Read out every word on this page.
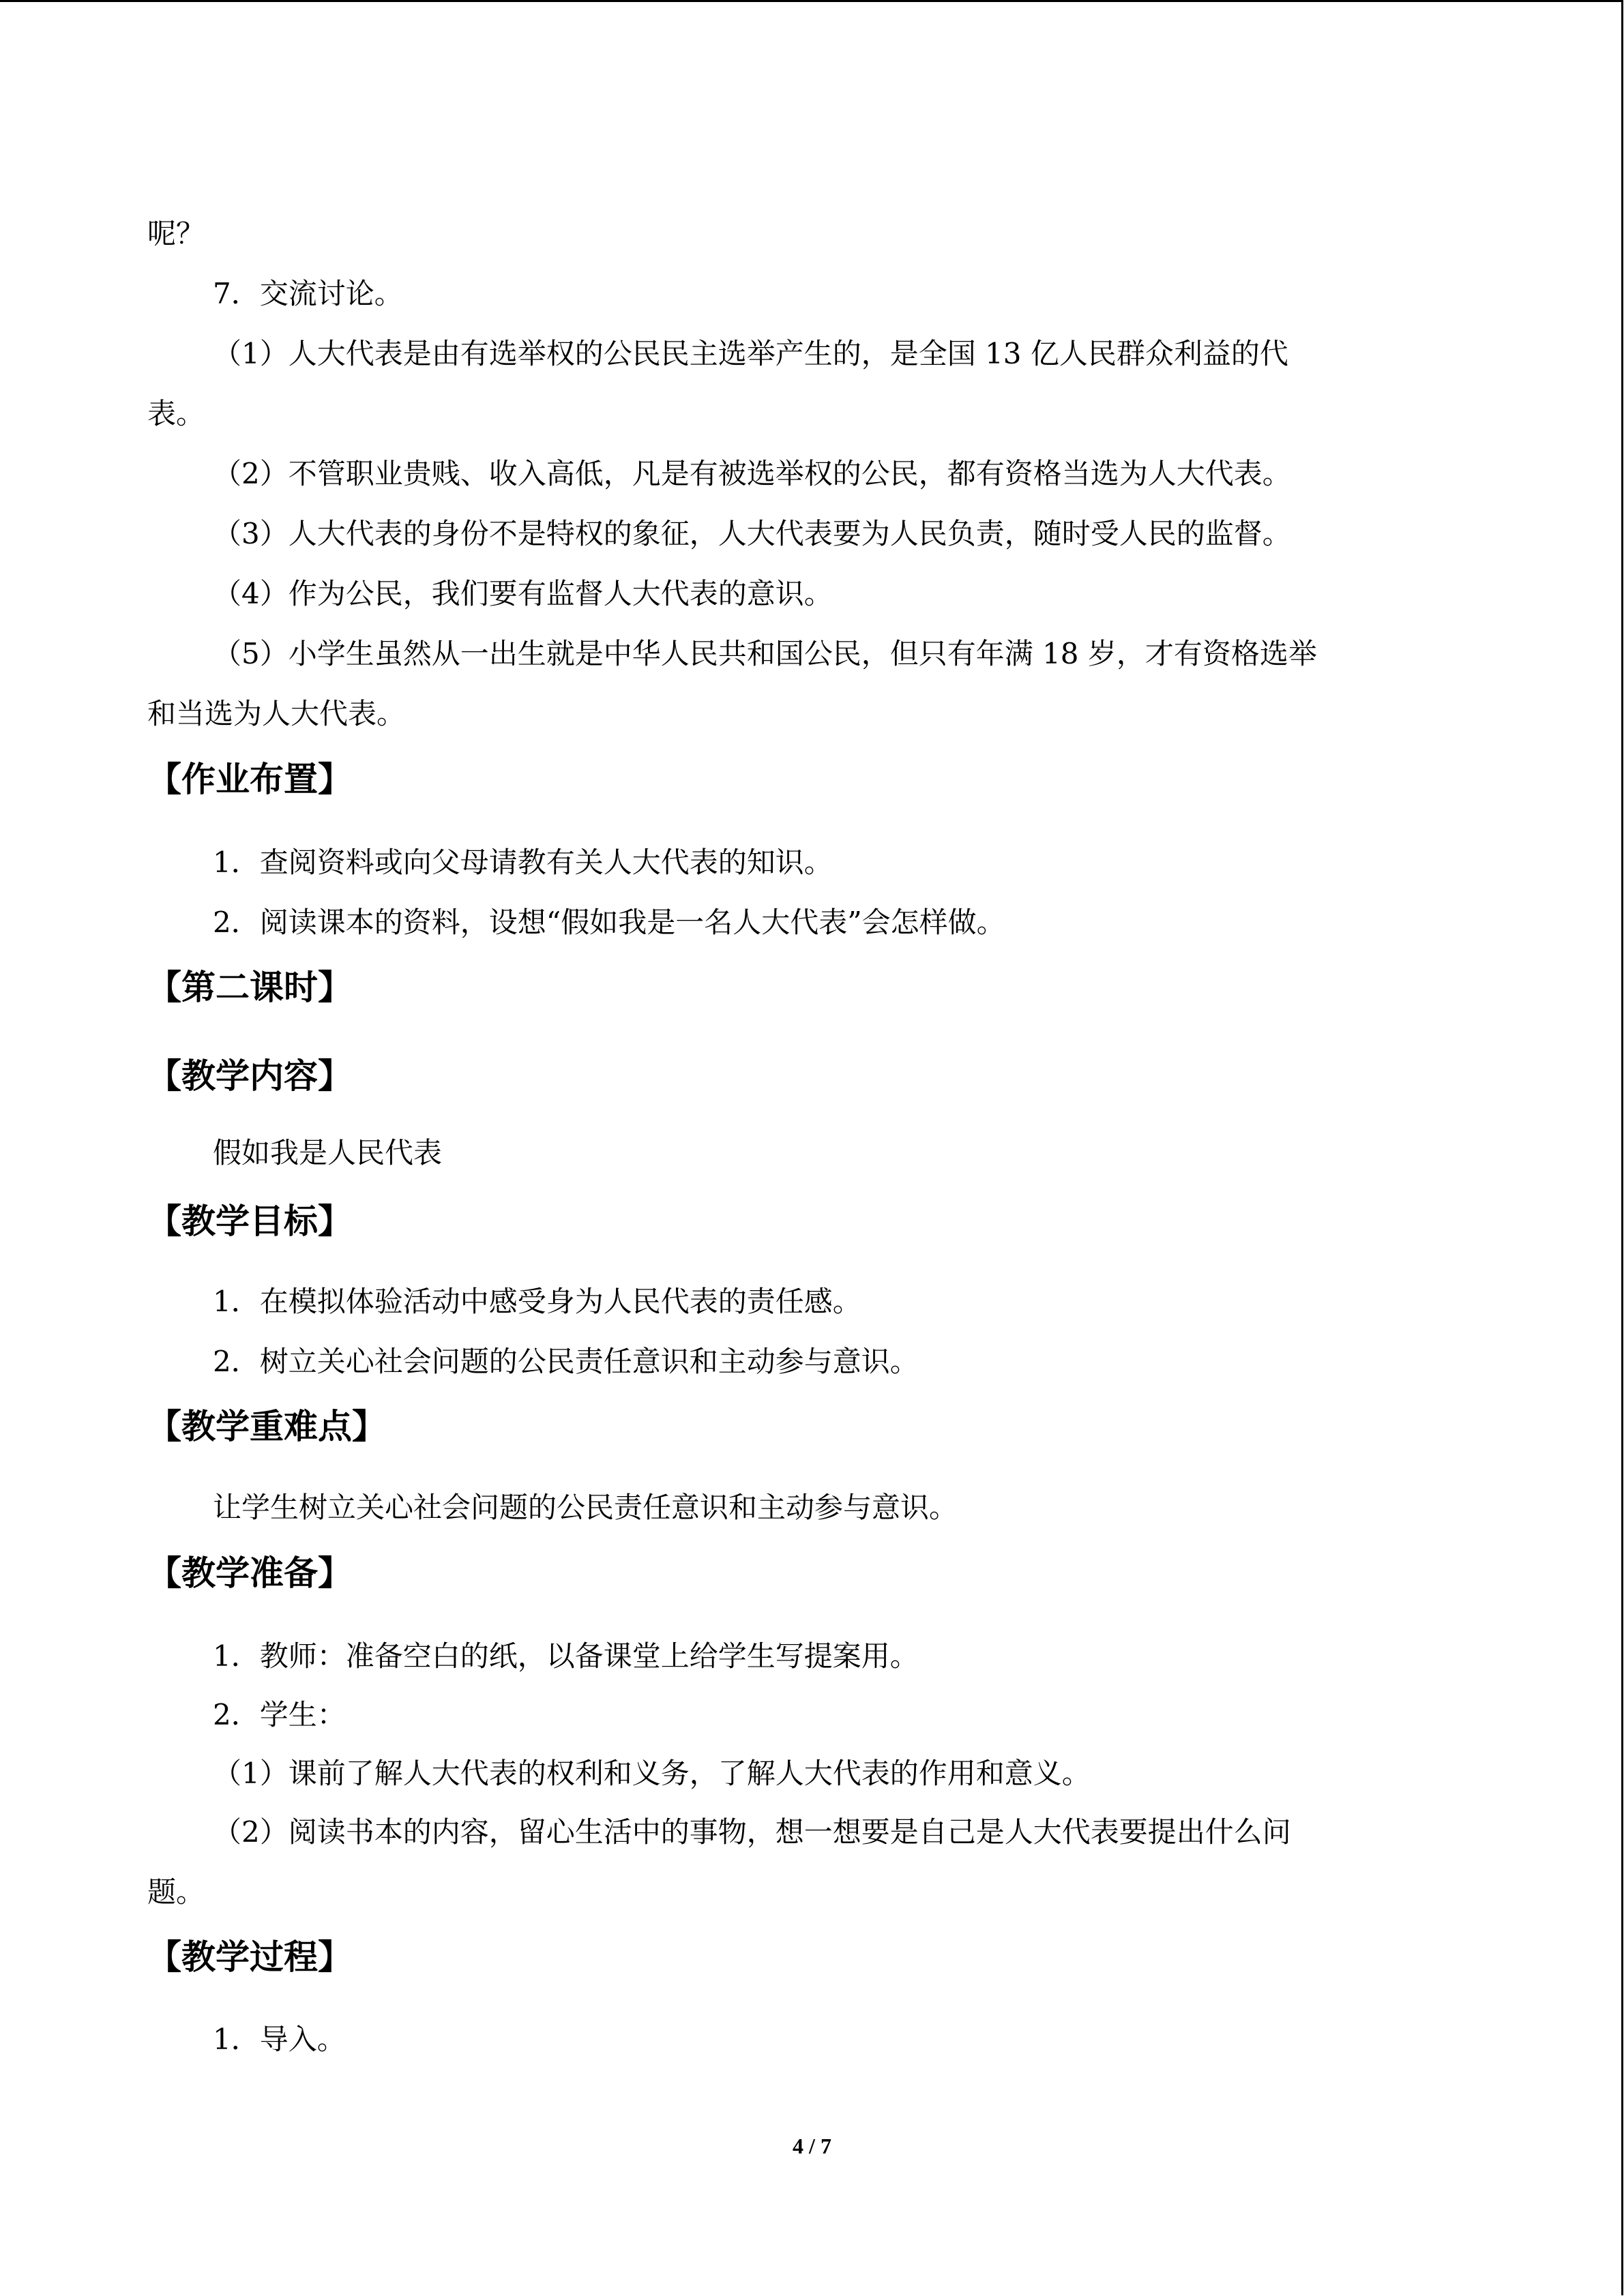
呢？
7．交流讨论。
（1）人大代表是由有选举权的公民民主选举产生的，是全国 13 亿人民群众利益的代
表。
（2）不管职业贵贱、收入高低，凡是有被选举权的公民，都有资格当选为人大代表。
（3）人大代表的身份不是特权的象征，人大代表要为人民负责，随时受人民的监督。
（4）作为公民，我们要有监督人大代表的意识。
（5）小学生虽然从一出生就是中华人民共和国公民，但只有年满 18 岁，才有资格选举
和当选为人大代表。
【作业布置】
1．查阅资料或向父母请教有关人大代表的知识。
2．阅读课本的资料，设想“假如我是一名人大代表”会怎样做。
【第二课时】
【教学内容】
假如我是人民代表
【教学目标】
1．在模拟体验活动中感受身为人民代表的责任感。
2．树立关心社会问题的公民责任意识和主动参与意识。
【教学重难点】
让学生树立关心社会问题的公民责任意识和主动参与意识。
【教学准备】
1．教师：准备空白的纸，以备课堂上给学生写提案用。
2．学生：
（1）课前了解人大代表的权利和义务，了解人大代表的作用和意义。
（2）阅读书本的内容，留心生活中的事物，想一想要是自己是人大代表要提出什么问
题。
【教学过程】
1．导入。
4 / 7
